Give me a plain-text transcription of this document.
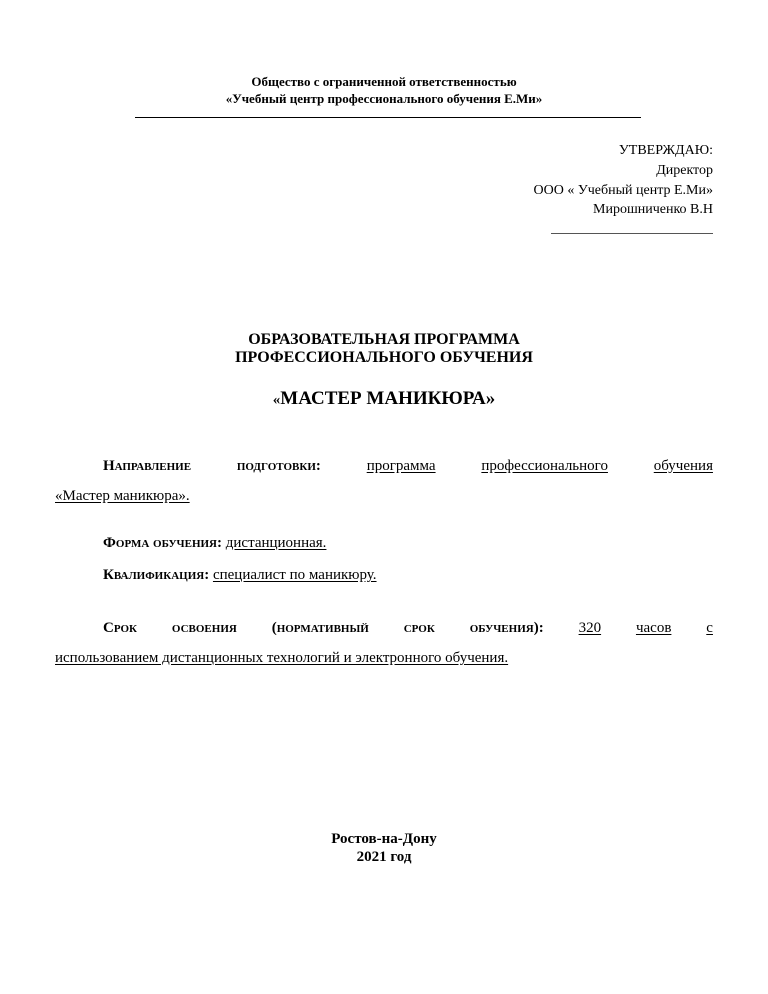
Общество с ограниченной ответственностью
«Учебный центр профессионального обучения Е.Ми»
УТВЕРЖДАЮ:
Директор
ООО « Учебный центр Е.Ми»
Мирошниченко В.Н
ОБРАЗОВАТЕЛЬНАЯ ПРОГРАММА
ПРОФЕССИОНАЛЬНОГО ОБУЧЕНИЯ
«МАСТЕР МАНИКЮРА»
Направление	подготовки:	программа	профессионального	обучения
«Мастер маникюра».
Форма обучения: дистанционная.
Квалификация: специалист по маникюру.
Срок освоения (нормативный срок обучения): 320 часов с
использованием дистанционных технологий и электронного обучения.
Ростов-на-Дону
2021 год
